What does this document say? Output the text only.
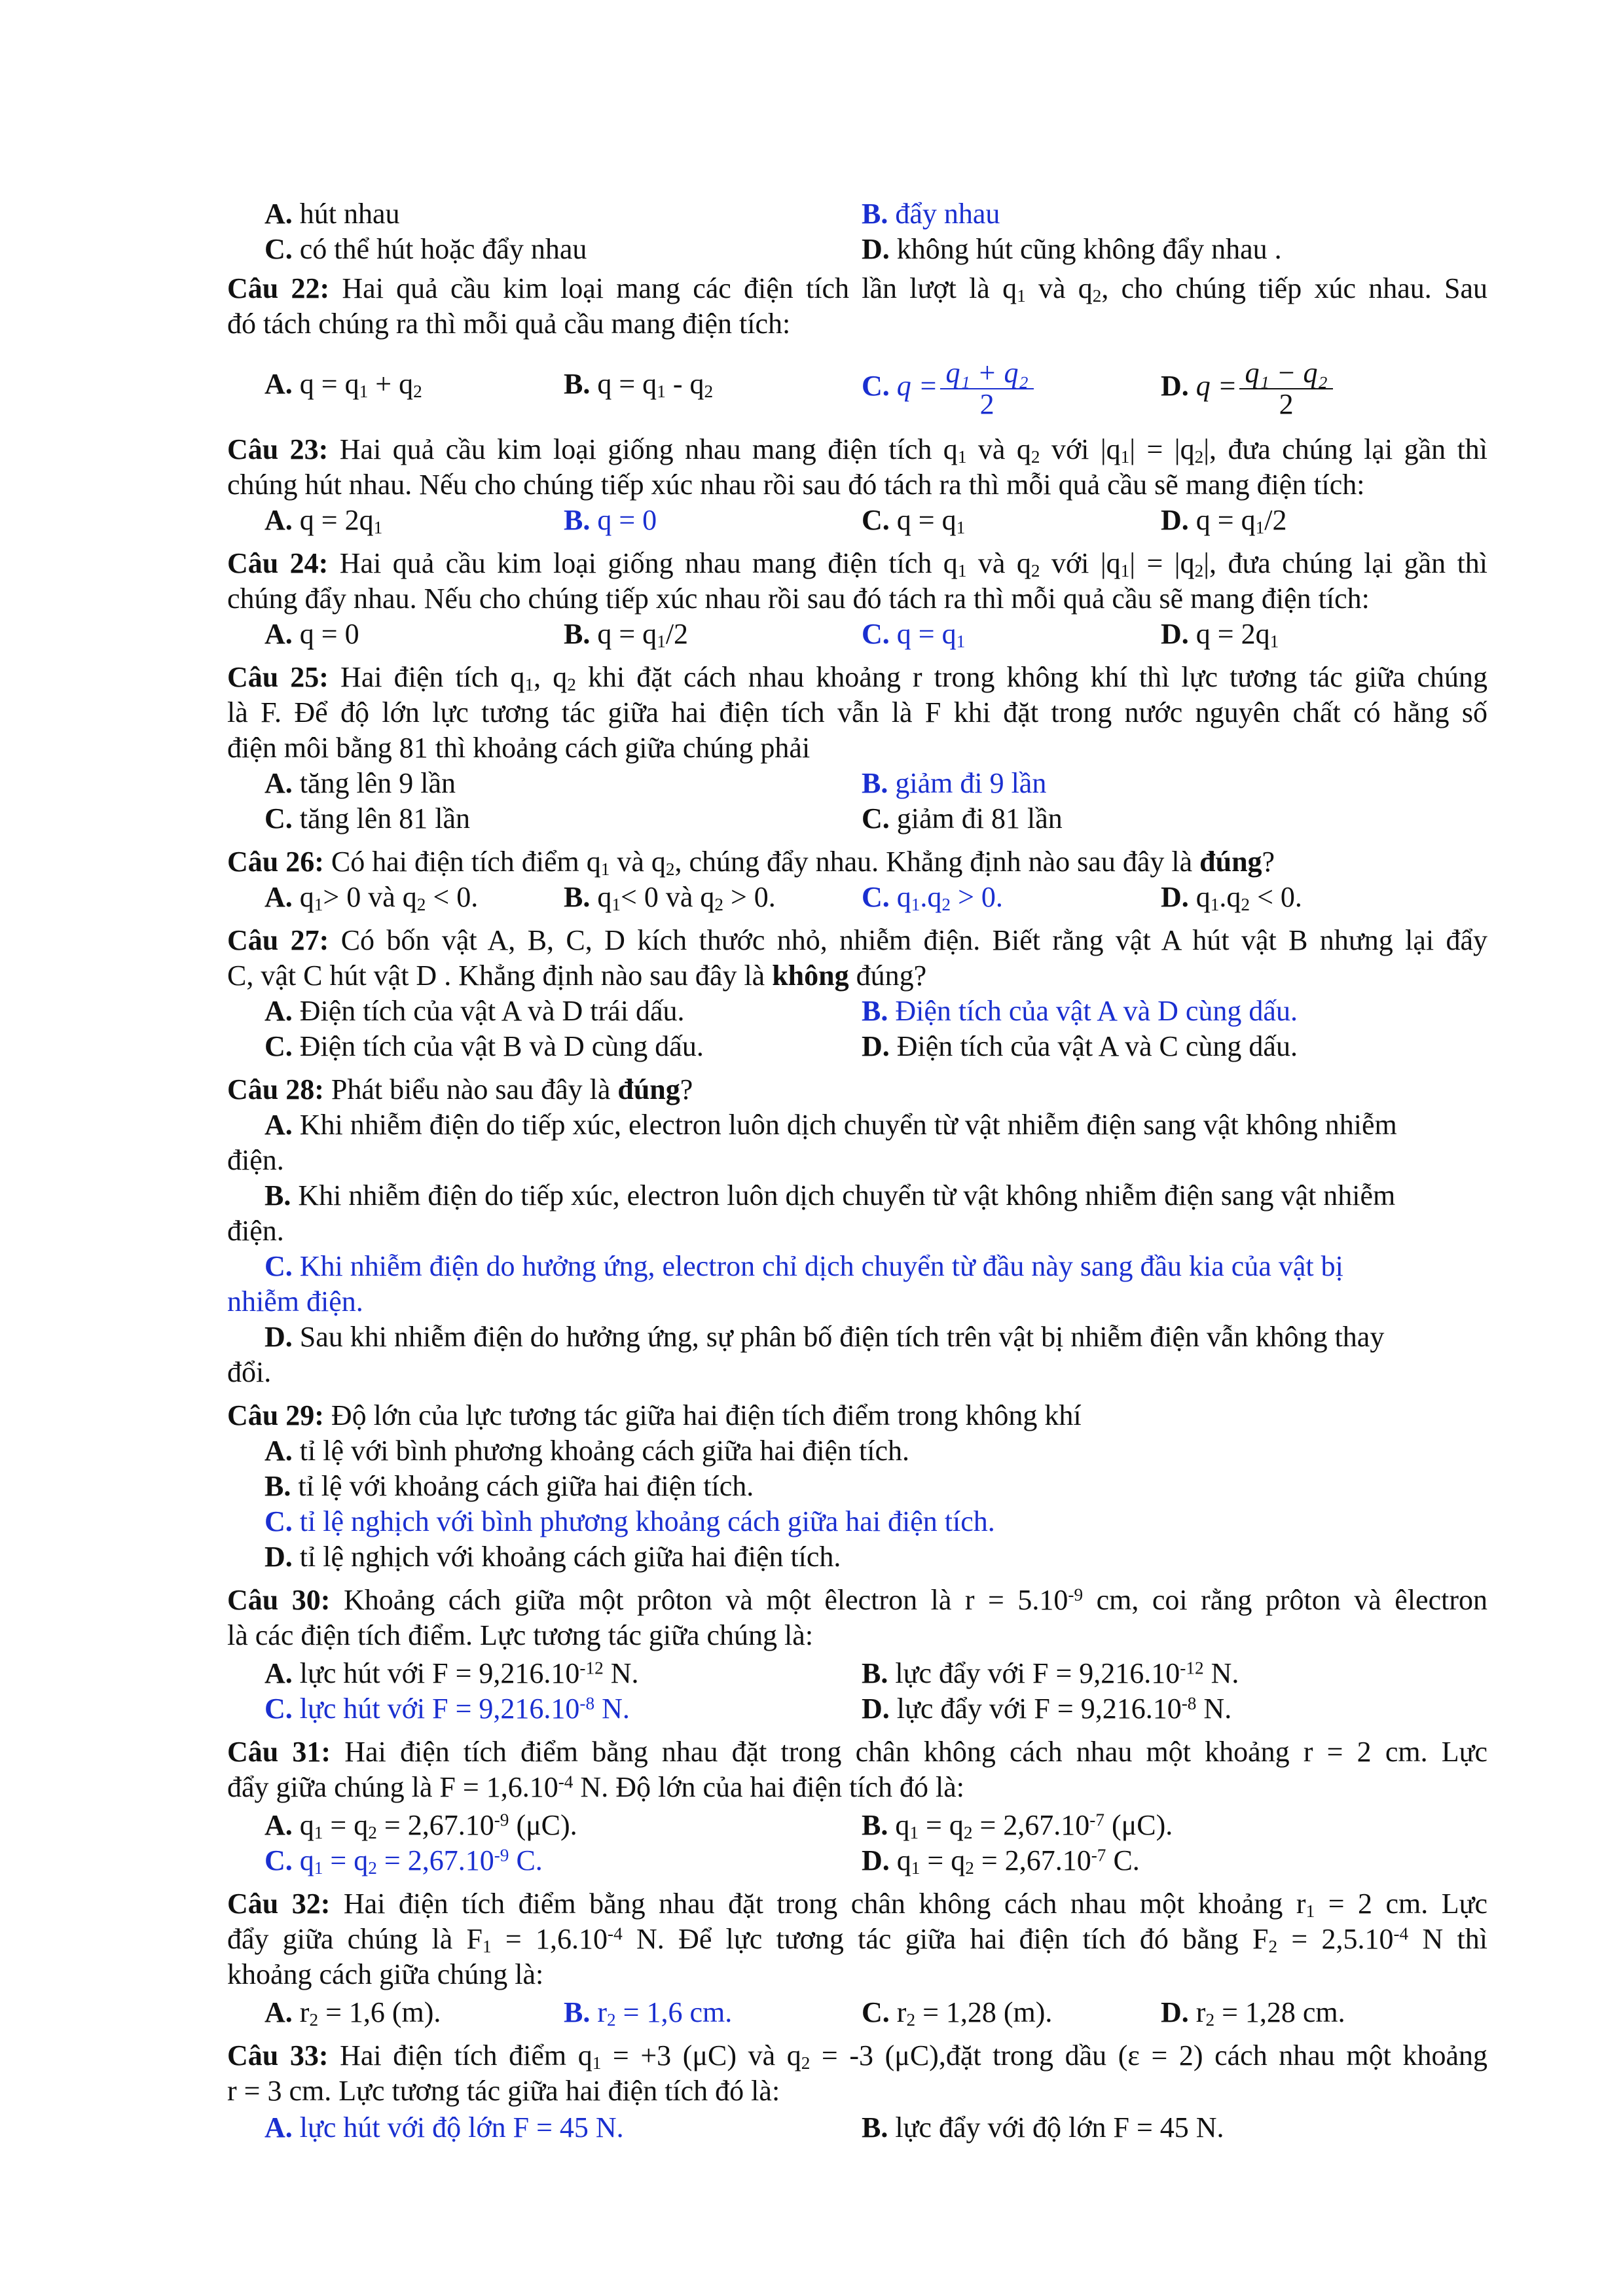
A. hút nhau	B. đẩy nhau
C. có thể hút hoặc đẩy nhau	D. không hút cũng không đẩy nhau .
Câu 22: Hai quả cầu kim loại mang các điện tích lần lượt là $q_1$ và $q_2$, cho chúng tiếp xúc nhau. Sau
đó tách chúng ra thì mỗi quả cầu mang điện tích:
A. $q = q_1 + q_2$	B. $q = q_1 - q_2$	C. $q = \frac{\text{q₁ + q₂}}{2}$	D. $q = \frac{\text{q₁ − q₂}}{2}$
Câu 23: Hai quả cầu kim loại giống nhau mang điện tích $q_1$ và $q_2$ với $|q_1| = |q_2|$, đưa chúng lại gần thì
chúng hút nhau. Nếu cho chúng tiếp xúc nhau rồi sau đó tách ra thì mỗi quả cầu sẽ mang điện tích:
A. $q = 2q_1$	B. q = 0	C. $q = q_1$	D. $q = q_1/2$
Câu 24: Hai quả cầu kim loại giống nhau mang điện tích $q_1$ và $q_2$ với $|q_1| = |q_2|$, đưa chúng lại gần thì
chúng đẩy nhau. Nếu cho chúng tiếp xúc nhau rồi sau đó tách ra thì mỗi quả cầu sẽ mang điện tích:
A. q = 0	B. $q = q_1/2$	C. $q = q_1$	D. $q = 2q_1$
Câu 25: Hai điện tích $q_1$, $q_2$ khi đặt cách nhau khoảng r trong không khí thì lực tương tác giữa chúng
là F. Để độ lớn lực tương tác giữa hai điện tích vẫn là F khi đặt trong nước nguyên chất có hằng số
điện môi bằng 81 thì khoảng cách giữa chúng phải
A. tăng lên 9 lần	B. giảm đi 9 lần
C. tăng lên 81 lần	C. giảm đi 81 lần
Câu 26: Có hai điện tích điểm $q_1$ và $q_2$, chúng đẩy nhau. Khẳng định nào sau đây là đúng?
A. $q_1> 0$ và $q_2 < 0$.	B. $q_1< 0$ và $q_2 > 0$.	C. $q_1.q_2 > 0$.	D. $q_1.q_2 < 0$.
Câu 27: Có bốn vật A, B, C, D kích thước nhỏ, nhiễm điện. Biết rằng vật A hút vật B nhưng lại đẩy
C, vật C hút vật D . Khẳng định nào sau đây là không đúng?
A. Điện tích của vật A và D trái dấu.	B. Điện tích của vật A và D cùng dấu.
C. Điện tích của vật B và D cùng dấu.	D. Điện tích của vật A và C cùng dấu.
Câu 28: Phát biểu nào sau đây là đúng?
A. Khi nhiễm điện do tiếp xúc, electron luôn dịch chuyển từ vật nhiễm điện sang vật không nhiễm
điện.
B. Khi nhiễm điện do tiếp xúc, electron luôn dịch chuyển từ vật không nhiễm điện sang vật nhiễm
điện.
C. Khi nhiễm điện do hưởng ứng, electron chỉ dịch chuyển từ đầu này sang đầu kia của vật bị
nhiễm điện.
D. Sau khi nhiễm điện do hưởng ứng, sự phân bố điện tích trên vật bị nhiễm điện vẫn không thay
đổi.
Câu 29: Độ lớn của lực tương tác giữa hai điện tích điểm trong không khí
A. tỉ lệ với bình phương khoảng cách giữa hai điện tích.
B. tỉ lệ với khoảng cách giữa hai điện tích.
C. tỉ lệ nghịch với bình phương khoảng cách giữa hai điện tích.
D. tỉ lệ nghịch với khoảng cách giữa hai điện tích.
Câu 30: Khoảng cách giữa một prôton và một êlectron là $r = 5.10^{-9}$ cm, coi rằng prôton và êlectron
là các điện tích điểm. Lực tương tác giữa chúng là:
A. lực hút với $F = 9,216.10^{-12}$ N.	B. lực đẩy với $F = 9,216.10^{-12}$ N.
C. lực hút với $F = 9,216.10^{-8}$ N.	D. lực đẩy với $F = 9,216.10^{-8}$ N.
Câu 31: Hai điện tích điểm bằng nhau đặt trong chân không cách nhau một khoảng r = 2 cm. Lực
đẩy giữa chúng là $F = 1,6.10^{-4}$ N. Độ lớn của hai điện tích đó là:
A. $q_1 = q_2 = 2,67.10^{-9}$ (μC).	B. $q_1 = q_2 = 2,67.10^{-7}$ (μC).
C. $q_1 = q_2 = 2,67.10^{-9}$ C.	D. $q_1 = q_2 = 2,67.10^{-7}$ C.
Câu 32: Hai điện tích điểm bằng nhau đặt trong chân không cách nhau một khoảng $r_1 = 2$ cm. Lực
đẩy giữa chúng là $F_1 = 1,6.10^{-4}$ N. Để lực tương tác giữa hai điện tích đó bằng $F_2 = 2,5.10^{-4}$ N thì
khoảng cách giữa chúng là:
A. $r_2 = 1,6$ (m).	B. $r_2 = 1,6$ cm.	C. $r_2 = 1,28$ (m).	D. $r_2 = 1,28$ cm.
Câu 33: Hai điện tích điểm $q_1 = +3$ (μC) và $q_2 = -3$ (μC),đặt trong dầu (ε = 2) cách nhau một khoảng
r = 3 cm. Lực tương tác giữa hai điện tích đó là:
A. lực hút với độ lớn F = 45 N.	B. lực đẩy với độ lớn F = 45 N.
